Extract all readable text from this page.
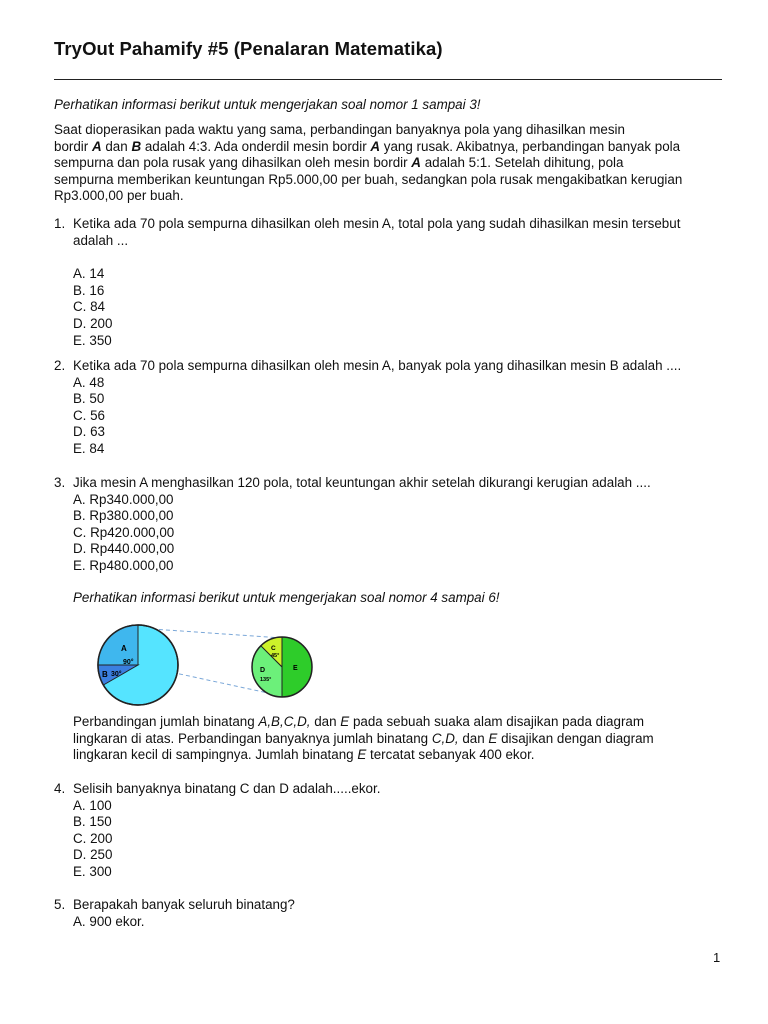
TryOut Pahamify #5 (Penalaran Matematika)
Perhatikan informasi berikut untuk mengerjakan soal nomor 1 sampai 3!
Saat dioperasikan pada waktu yang sama, perbandingan banyaknya pola yang dihasilkan mesin
bordir A dan B adalah 4:3. Ada onderdil mesin bordir A yang rusak. Akibatnya, perbandingan banyak pola
sempurna dan pola rusak yang dihasilkan oleh mesin bordir A adalah 5:1. Setelah dihitung, pola
sempurna memberikan keuntungan Rp5.000,00 per buah, sedangkan pola rusak mengakibatkan kerugian
Rp3.000,00 per buah.
1. Ketika ada 70 pola sempurna dihasilkan oleh mesin A, total pola yang sudah dihasilkan mesin tersebut
adalah ...
A. 14
B. 16
C. 84
D. 200
E. 350
2. Ketika ada 70 pola sempurna dihasilkan oleh mesin A, banyak pola yang dihasilkan mesin B adalah ....
A. 48
B. 50
C. 56
D. 63
E. 84
3. Jika mesin A menghasilkan 120 pola, total keuntungan akhir setelah dikurangi kerugian adalah ....
A. Rp340.000,00
B. Rp380.000,00
C. Rp420.000,00
D. Rp440.000,00
E. Rp480.000,00
Perhatikan informasi berikut untuk mengerjakan soal nomor 4 sampai 6!
A
90°
B 30°
C
45°
D
135°
E
Perbandingan jumlah binatang A,B,C,D, dan E pada sebuah suaka alam disajikan pada diagram
lingkaran di atas. Perbandingan banyaknya jumlah binatang C,D, dan E disajikan dengan diagram
lingkaran kecil di sampingnya. Jumlah binatang E tercatat sebanyak 400 ekor.
4. Selisih banyaknya binatang C dan D adalah.....ekor.
A. 100
B. 150
C. 200
D. 250
E. 300
5. Berapakah banyak seluruh binatang?
A. 900 ekor.
1
